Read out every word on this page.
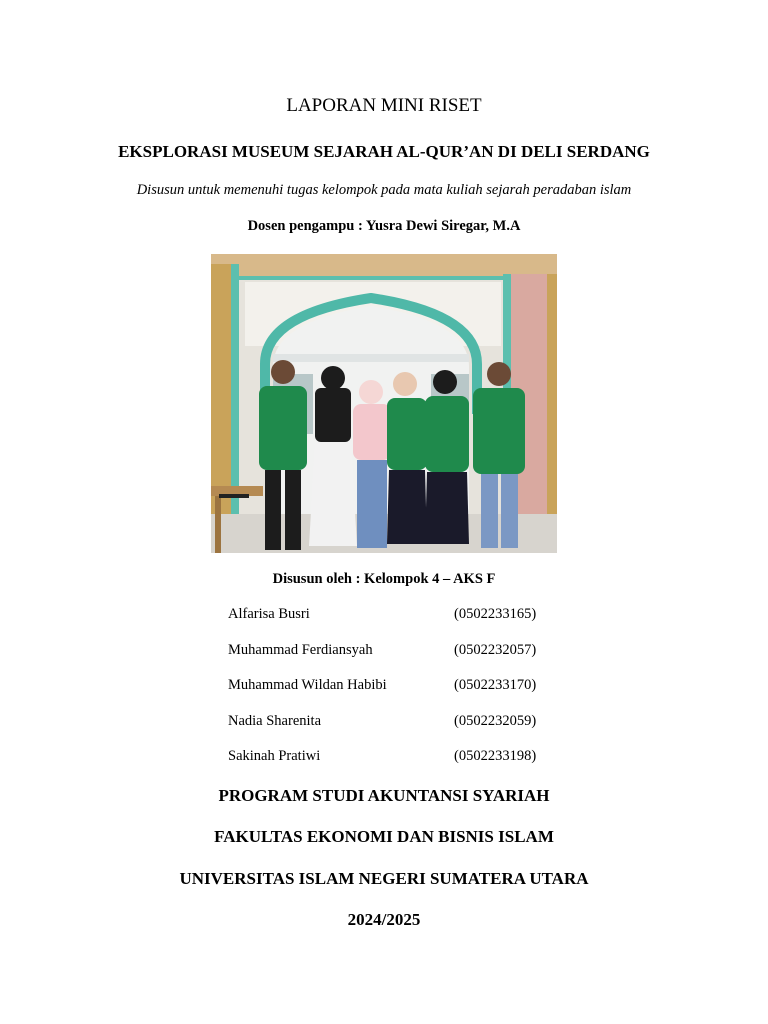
LAPORAN MINI RISET
EKSPLORASI MUSEUM SEJARAH AL-QUR’AN DI DELI SERDANG
Disusun untuk memenuhi tugas kelompok pada mata kuliah sejarah peradaban islam
Dosen pengampu : Yusra Dewi Siregar, M.A
Disusun oleh : Kelompok 4 – AKS F
Alfarisa Busri	(0502233165)
Muhammad Ferdiansyah	(0502232057)
Muhammad Wildan Habibi	(0502233170)
Nadia Sharenita	(0502232059)
Sakinah Pratiwi	(0502233198)
PROGRAM STUDI AKUNTANSI SYARIAH
FAKULTAS EKONOMI DAN BISNIS ISLAM
UNIVERSITAS ISLAM NEGERI SUMATERA UTARA
2024/2025
